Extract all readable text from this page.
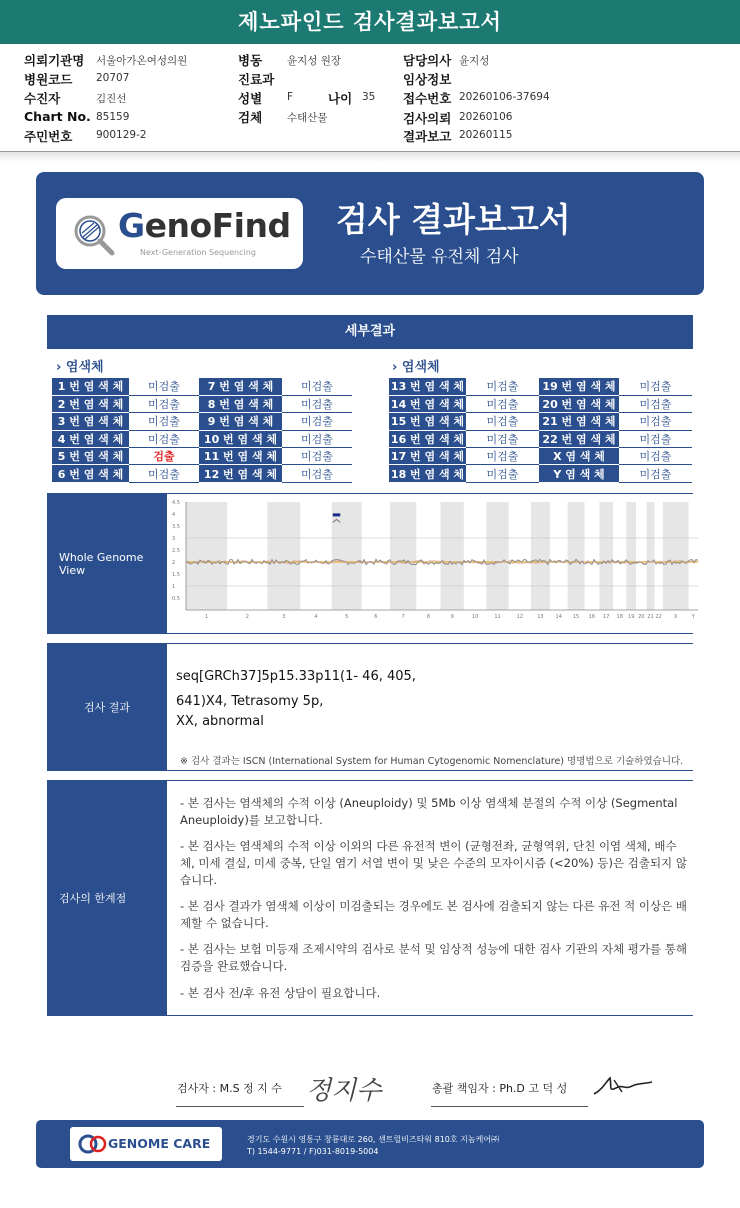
제노파인드 검사결과보고서
의뢰기관명 서울아가온여성의원
병원코드 20707
수진자	김진선
Chart No. 85159
주민번호 900129-2
병동 윤지성 원장
진료과
성별 F	나이 35
검체 수태산물
담당의사 윤지성
임상정보
접수번호 20260106-37694
검사의뢰 20260106
결과보고 20260115
GenoFind
Next-Generation Sequencing
검사 결과보고서
수태산물 유전체 검사
세부결과
› 염색체	› 염색체
1 번 염 색 체	미검출	7 번 염 색 체	미검출
2 번 염 색 체	미검출	8 번 염 색 체	미검출
3 번 염 색 체	미검출	9 번 염 색 체	미검출
4 번 염 색 체	미검출	10 번 염 색 체	미검출
5 번 염 색 체	검출	11 번 염 색 체	미검출
6 번 염 색 체	미검출	12 번 염 색 체	미검출
13 번 염 색 체	미검출	19 번 염 색 체	미검출
14 번 염 색 체	미검출	20 번 염 색 체	미검출
15 번 염 색 체	미검출	21 번 염 색 체	미검출
16 번 염 색 체	미검출	22 번 염 색 체	미검출
17 번 염 색 체	미검출	X 염 색 체	미검출
18 번 염 색 체	미검출	Y 염 색 체	미검출
Whole Genome View
0.5
1
1.5
2
2.5
3
3.5
4
4.5
1	2	3	4	5	6	7	8	9	10	11	12	13 14 15 16 17 18 19 20 21 22 X	Y
검사 결과
seq[GRCh37]5p15.33p11(1- 46, 405,
641)X4, Tetrasomy 5p,
XX, abnormal
※ 검사 결과는 ISCN (International System for Human Cytogenomic Nomenclature) 명명법으로 기술하였습니다.
검사의 한계점
- 본 검사는 염색체의 수적 이상 (Aneuploidy) 및 5Mb 이상 염색체 분절의 수적 이상 (Segmental Aneuploidy)를 보고합니다.
- 본 검사는 염색체의 수적 이상 이외의 다른 유전적 변이 (균형전좌, 균형역위, 단친 이염 색체, 배수체, 미세 결실, 미세 중복, 단일 염기 서열 변이 및 낮은 수준의 모자이시즘 (<20%) 등)은 검출되지 않습니다.
- 본 검사 결과가 염색체 이상이 미검출되는 경우에도 본 검사에 검출되지 않는 다른 유전 적 이상은 배제할 수 없습니다.
- 본 검사는 보험 미등재 조제시약의 검사로 분석 및 임상적 성능에 대한 검사 기관의 자체 평가를 통해 검증을 완료했습니다.
- 본 검사 전/후 유전 상담이 필요합니다.
검사자 : M.S 정 지 수 정지수	총괄 책임자 : Ph.D 고 덕 성
GENOME CARE	경기도 수원시 영통구 창룡대로 260, 센트럴비즈타워 810호 지놈케어㈜
T) 1544-9771 / F)031-8019-5004
